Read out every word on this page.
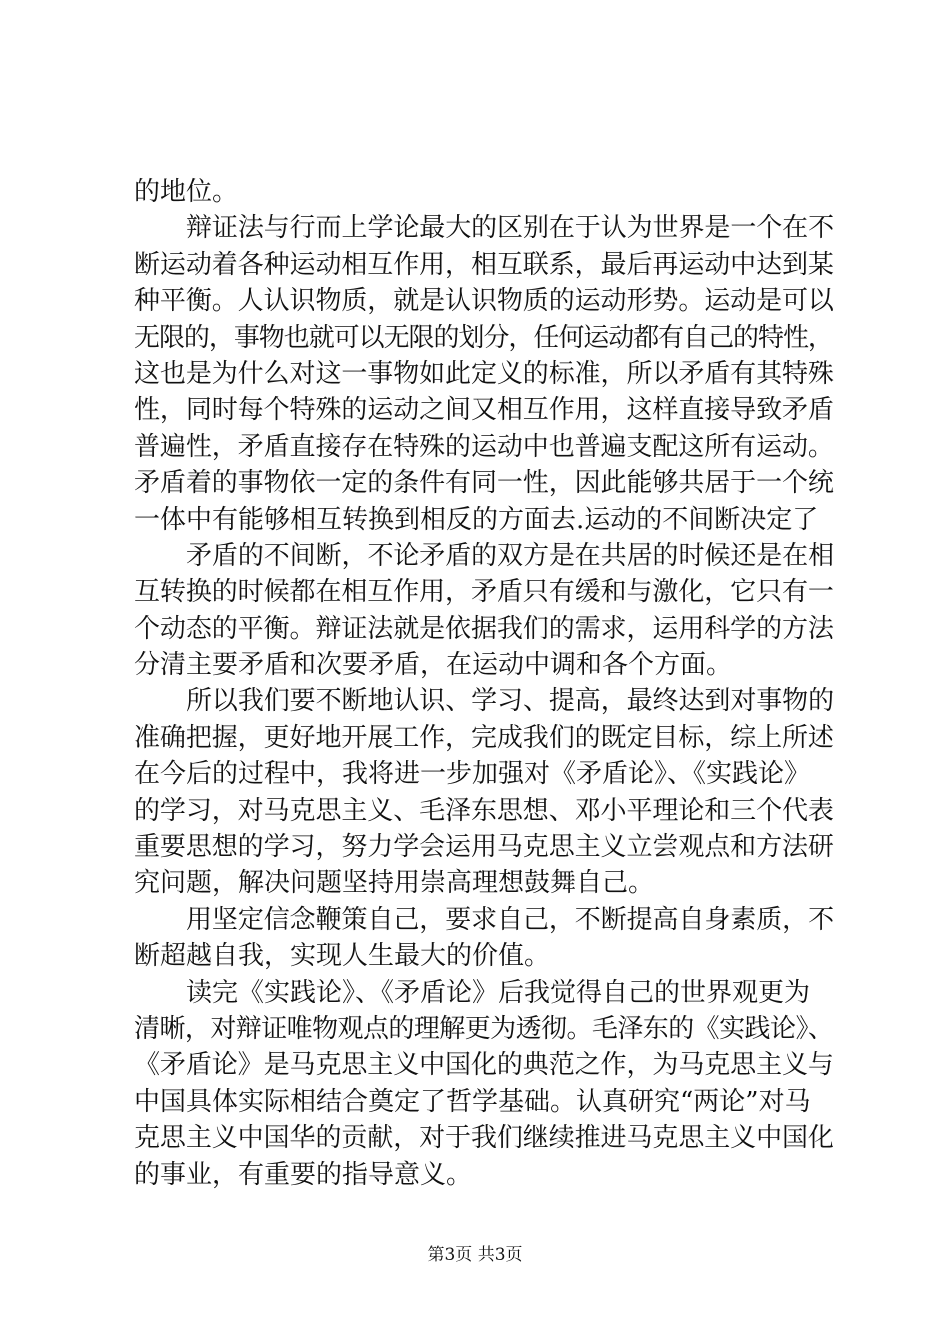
的地位。
辩证法与行而上学论最大的区别在于认为世界是一个在不
断运动着各种运动相互作用，相互联系，最后再运动中达到某
种平衡。人认识物质，就是认识物质的运动形势。运动是可以
无限的，事物也就可以无限的划分，任何运动都有自己的特性，
这也是为什么对这一事物如此定义的标准，所以矛盾有其特殊
性，同时每个特殊的运动之间又相互作用，这样直接导致矛盾
普遍性，矛盾直接存在特殊的运动中也普遍支配这所有运动。
矛盾着的事物依一定的条件有同一性，因此能够共居于一个统
一体中有能够相互转换到相反的方面去.运动的不间断决定了
矛盾的不间断，不论矛盾的双方是在共居的时候还是在相
互转换的时候都在相互作用，矛盾只有缓和与激化，它只有一
个动态的平衡。辩证法就是依据我们的需求，运用科学的方法
分清主要矛盾和次要矛盾，在运动中调和各个方面。
所以我们要不断地认识、学习、提高，最终达到对事物的
准确把握，更好地开展工作，完成我们的既定目标，综上所述
在今后的过程中，我将进一步加强对《矛盾论》、《实践论》
的学习，对马克思主义、毛泽东思想、邓小平理论和三个代表
重要思想的学习，努力学会运用马克思主义立尝观点和方法研
究问题，解决问题坚持用崇高理想鼓舞自己。
用坚定信念鞭策自己，要求自己，不断提高自身素质，不
断超越自我，实现人生最大的价值。
读完《实践论》、《矛盾论》后我觉得自己的世界观更为
清晰，对辩证唯物观点的理解更为透彻。毛泽东的《实践论》、
《矛盾论》是马克思主义中国化的典范之作，为马克思主义与
中国具体实际相结合奠定了哲学基础。认真研究“两论”对马
克思主义中国华的贡献，对于我们继续推进马克思主义中国化
的事业，有重要的指导意义。
第3页 共3页
